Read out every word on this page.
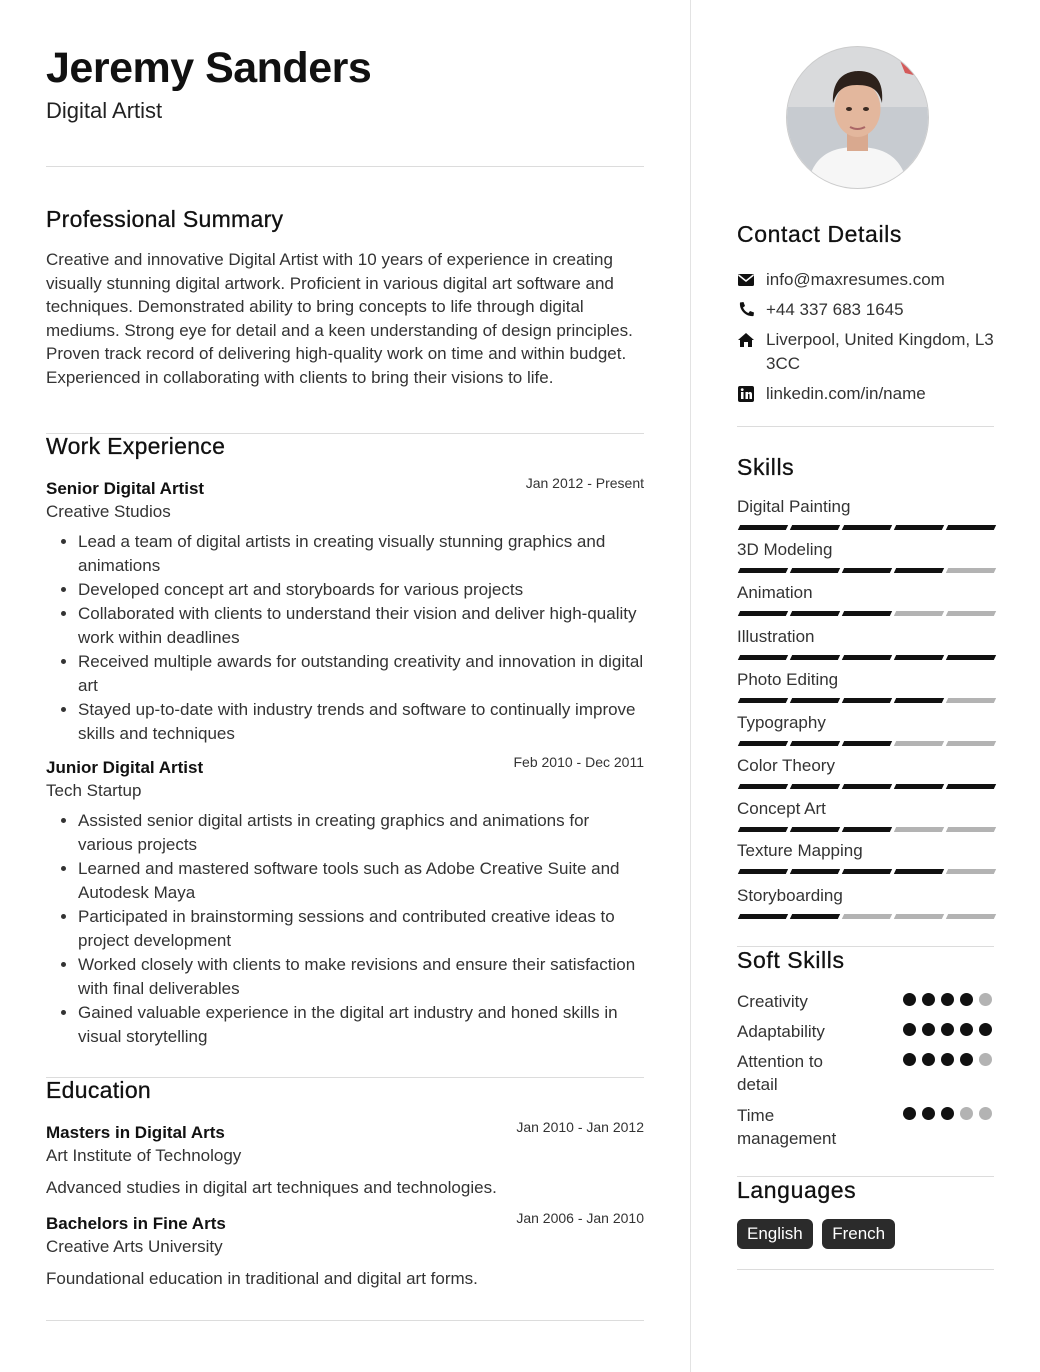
Jeremy Sanders
Digital Artist
Professional Summary
Creative and innovative Digital Artist with 10 years of experience in creating visually stunning digital artwork. Proficient in various digital art software and techniques. Demonstrated ability to bring concepts to life through digital mediums. Strong eye for detail and a keen understanding of design principles. Proven track record of delivering high-quality work on time and within budget. Experienced in collaborating with clients to bring their visions to life.
Work Experience
Senior Digital Artist	Jan 2012 - Present
Creative Studios
• Lead a team of digital artists in creating visually stunning graphics and animations
• Developed concept art and storyboards for various projects
• Collaborated with clients to understand their vision and deliver high-quality work within deadlines
• Received multiple awards for outstanding creativity and innovation in digital art
• Stayed up-to-date with industry trends and software to continually improve skills and techniques
Junior Digital Artist	Feb 2010 - Dec 2011
Tech Startup
• Assisted senior digital artists in creating graphics and animations for various projects
• Learned and mastered software tools such as Adobe Creative Suite and Autodesk Maya
• Participated in brainstorming sessions and contributed creative ideas to project development
• Worked closely with clients to make revisions and ensure their satisfaction with final deliverables
• Gained valuable experience in the digital art industry and honed skills in visual storytelling
Education
Masters in Digital Arts	Jan 2010 - Jan 2012
Art Institute of Technology
Advanced studies in digital art techniques and technologies.
Bachelors in Fine Arts	Jan 2006 - Jan 2010
Creative Arts University
Foundational education in traditional and digital art forms.
Contact Details
info@maxresumes.com
+44 337 683 1645
Liverpool, United Kingdom, L3 3CC
linkedin.com/in/name
Skills
Digital Painting
3D Modeling
Animation
Illustration
Photo Editing
Typography
Color Theory
Concept Art
Texture Mapping
Storyboarding
Soft Skills
Creativity
Adaptability
Attention to detail
Time management
Languages
English French
